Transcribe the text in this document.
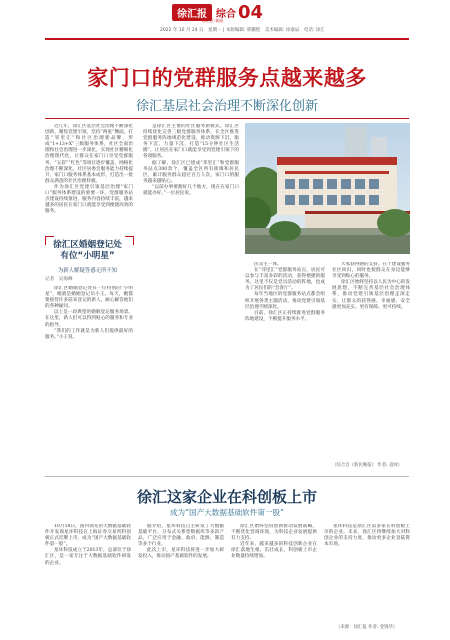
徐汇报 综合
徐汇区·新闻 04
2022 年 10 月 24 日　星期一 | 本版编辑: 邢鹏程　美术编辑: 徐嘉辰　电话: 徐汇
家门口的党群服务点越来越多
徐汇基层社会治理不断深化创新

近几年，徐汇区基层社会治理不断深化创新，聚焦党建引领，坚持“两张”侧面，打造“邻里汇”和社区治理新品牌，形成“1+13+X”三级服务体系，社区全面治理和社会治理进一步深化，实现社区精细化治理现代化，让群众在家门口享受党群服务，“五彩”“红色”等项目逐步覆盖，网格化治理不断深化，社区居委会服务能力持续提升，家门口服务体系基本成形，打造出一批群众满意的社区治理样板。

作为徐汇区党建引领基层治理“家门口”服务体系建设的重要一环，党群服务站点建设持续推进，服务内容持续丰富，越来越多的居民在家门口就能享受到便捷高效的服务。

是徐汇区主要的社区服务新模式。徐汇区持续优化完善三级党群服务体系，在全区推进党群服务阵地规范化建设，推动资源下沉、服务下沉、力量下沉，打造“15分钟社区生活圈”，让居民在家门口就能享受到党建引领下的各项服务。

据了解，徐汇区已建成“邻里汇”和党群服务站点300余个，覆盖全区所有街镇和居民区，累计服务群众超过百万人次，家门口的服务越来越贴心。

“以前办事要跑好几个地方，现在在家门口就能办好。”一位居民说。

民众生一体。

在“邻里汇”党群服务站点，居民可以参与丰富多彩的活动，获得便捷的服务。这里不仅是党员活动的阵地，也成为了居民们的“会客厅”。

每年当地区的党群服务站点都会组织开展各类主题活动，推动党建引领基层治理不断深化。

目前，徐汇区正持续推进党群服务阵地建设，不断提升服务水平。

大家获得感的支持。在于建设服务社区回归，同时也使群众在身边能够享受到贴心的服务。

徐汇区始终坚持以人民为中心的发展思想，不断完善基层社会治理体系，推动党建引领基层治理走深走实，让群众的获得感、幸福感、安全感更加充实、更有保障、更可持续。

（综合自《新民晚报》 作者: 袁咏）
徐汇区婚姻登记处
有位“小明星”
为新人解疑答惑无所不知
记者　吴海峰

徐汇区婚姻登记处有一位特别的“小明星”，她就是婚姻登记员小王。每天，她都要接待许多前来登记的新人，耐心解答他们的各种疑问。

以上是一段典型的婚姻登记服务场景。在这里，新人们可以得到贴心的服务和专业的指导。

“我们的工作就是为新人们提供最好的服务。”小王说。

徐汇这家企业在科创板上市
成为“国产大数据基础软件第一股”

10月18日，国内领先的大数据基础软件开发商星环科技在上海证券交易所科创板正式挂牌上市，成为“国产大数据基础软件第一股”。

星环科技成立于2013年，总部位于徐汇区，是一家专注于大数据基础软件研发的企业。

据介绍，星环科技自主研发了大数据基础平台、分布式关系型数据库等多款产品，广泛应用于金融、政府、能源、制造等多个行业。

此次上市，星环科技将进一步加大研发投入，推动国产基础软件的发展。

徐汇区始终坚持创新驱动发展战略，不断优化营商环境，为科技企业发展提供有力支持。

近年来，越来越多的科技创新企业在徐汇落地生根、茁壮成长，科创板上市企业数量持续增加。

星环科技是徐汇区第多家在科创板上市的企业。未来，徐汇区将继续加大对科创企业的支持力度，推动更多企业登陆资本市场。

（来源：徐汇报 作者: 金锦华）
